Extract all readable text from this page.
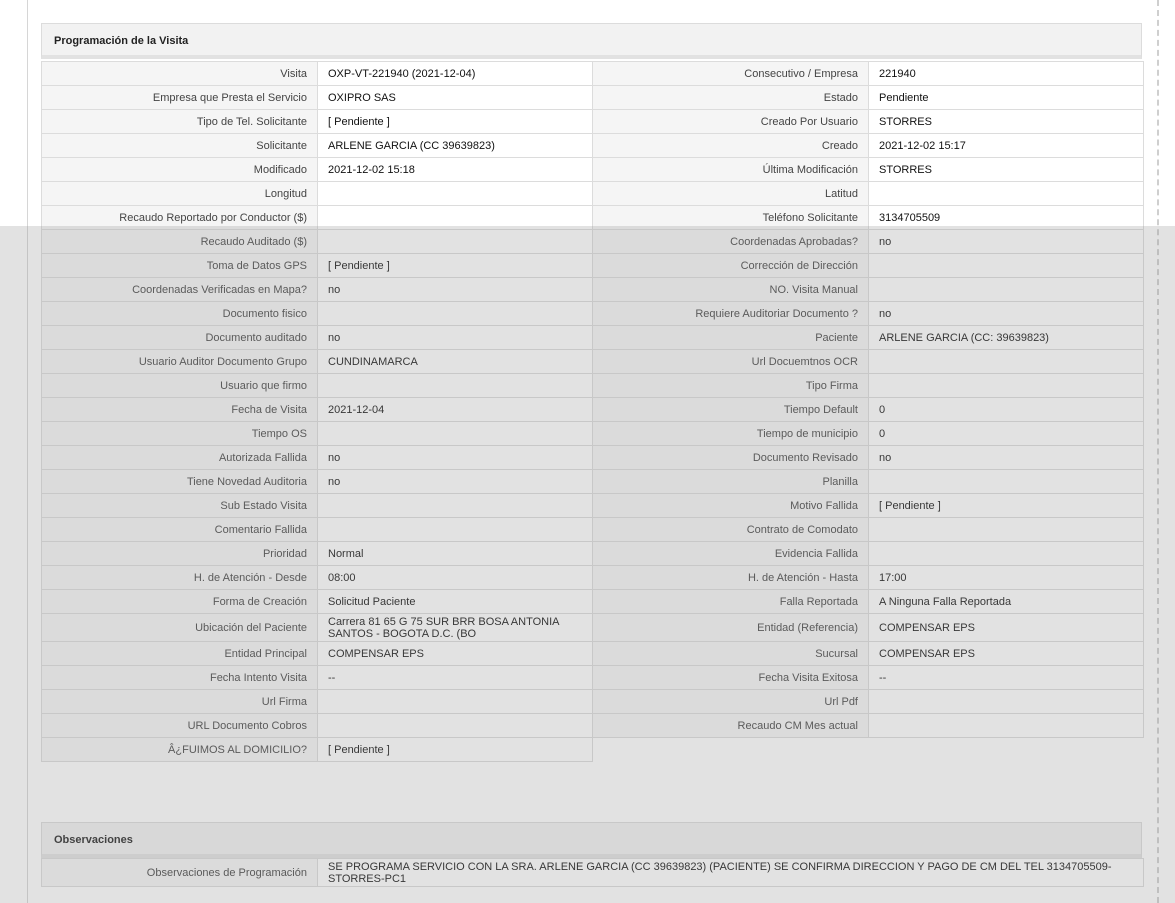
Programación de la Visita
Visita	OXP-VT-221940 (2021-12-04)	Consecutivo / Empresa	221940
Empresa que Presta el Servicio	OXIPRO SAS	Estado	Pendiente
Tipo de Tel. Solicitante	[ Pendiente ]	Creado Por Usuario	STORRES
Solicitante	ARLENE GARCIA (CC 39639823)	Creado	2021-12-02 15:17
Modificado	2021-12-02 15:18	Última Modificación	STORRES
Longitud		Latitud	
Recaudo Reportado por Conductor ($)		Teléfono Solicitante	3134705509
Recaudo Auditado ($)		Coordenadas Aprobadas?	no
Toma de Datos GPS	[ Pendiente ]	Corrección de Dirección	
Coordenadas Verificadas en Mapa?	no	NO. Visita Manual	
Documento fisico		Requiere Auditoriar Documento ?	no
Documento auditado	no	Paciente	ARLENE GARCIA (CC: 39639823)
Usuario Auditor Documento Grupo	CUNDINAMARCA	Url Docuemtnos OCR	
Usuario que firmo		Tipo Firma	
Fecha de Visita	2021-12-04	Tiempo Default	0
Tiempo OS		Tiempo de municipio	0
Autorizada Fallida	no	Documento Revisado	no
Tiene Novedad Auditoria	no	Planilla	
Sub Estado Visita		Motivo Fallida	[ Pendiente ]
Comentario Fallida		Contrato de Comodato	
Prioridad	Normal	Evidencia Fallida	
H. de Atención - Desde	08:00	H. de Atención - Hasta	17:00
Forma de Creación	Solicitud Paciente	Falla Reportada	A Ninguna Falla Reportada
Ubicación del Paciente	Carrera 81 65 G 75 SUR BRR BOSA ANTONIA SANTOS - BOGOTA D.C. (BO	Entidad (Referencia)	COMPENSAR EPS
Entidad Principal	COMPENSAR EPS	Sucursal	COMPENSAR EPS
Fecha Intento Visita	--	Fecha Visita Exitosa	--
Url Firma		Url Pdf	
URL Documento Cobros		Recaudo CM Mes actual	
Â¿FUIMOS AL DOMICILIO?	[ Pendiente ]		
Observaciones
Observaciones de Programación	SE PROGRAMA SERVICIO CON LA SRA. ARLENE GARCIA (CC 39639823) (PACIENTE) SE CONFIRMA DIRECCION Y PAGO DE CM DEL TEL 3134705509-STORRES-PC1
